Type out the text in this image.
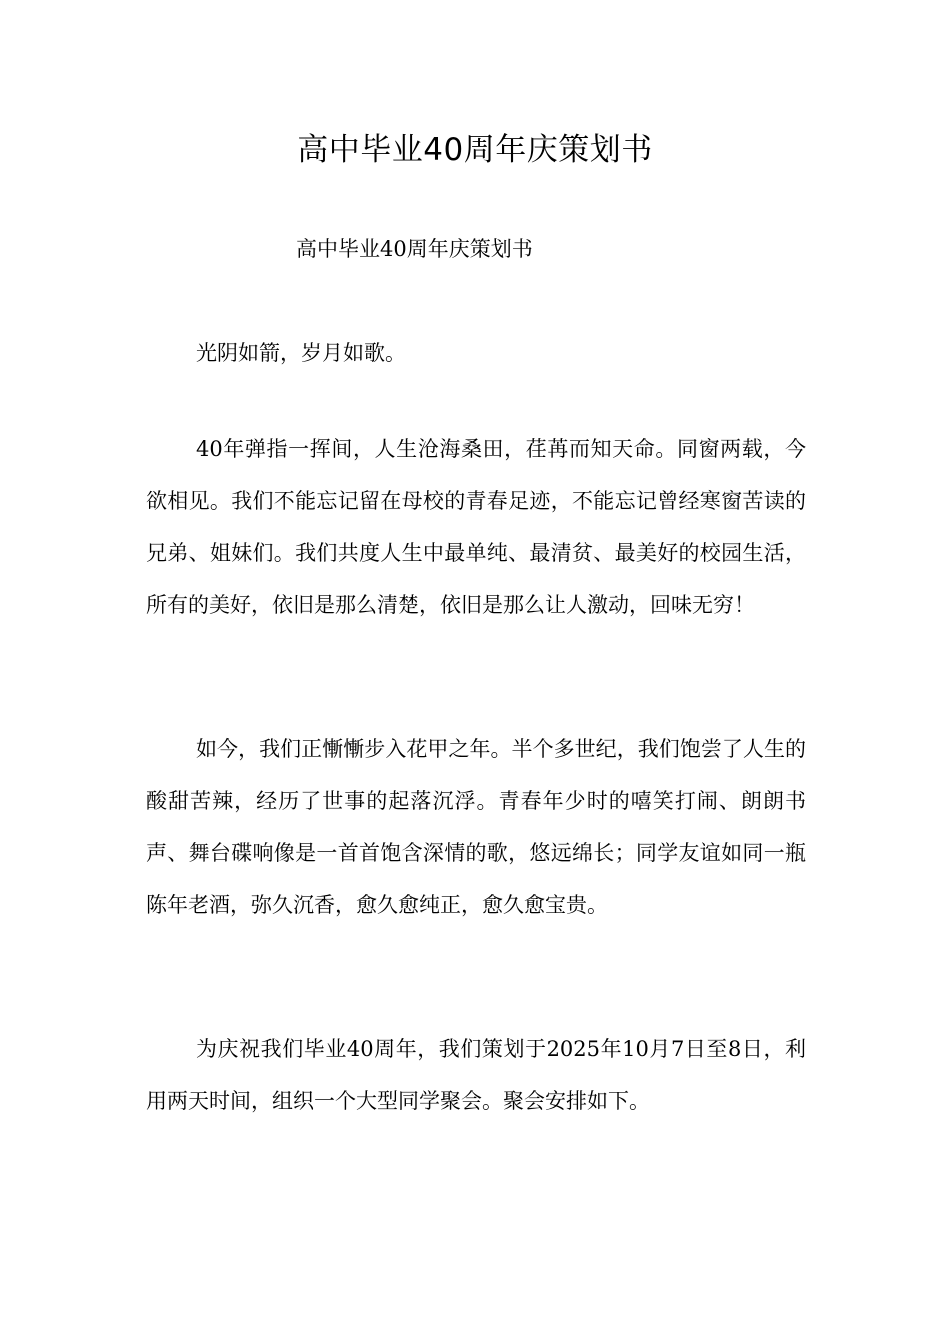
高中毕业40周年庆策划书
高中毕业40周年庆策划书

光阴如箭，岁月如歌。

40年弹指一挥间，人生沧海桑田，荏苒而知天命。同窗两载，今欲相见。我们不能忘记留在母校的青春足迹，不能忘记曾经寒窗苦读的兄弟、姐妹们。我们共度人生中最单纯、最清贫、最美好的校园生活，所有的美好，依旧是那么清楚，依旧是那么让人激动，回味无穷！

如今，我们正慚慚步入花甲之年。半个多世纪，我们饱尝了人生的酸甜苦辣，经历了世事的起落沉浮。青春年少时的嘻笑打闹、朗朗书声、舞台碟响像是一首首饱含深情的歌，悠远绵长；同学友谊如同一瓶陈年老酒，弥久沉香，愈久愈纯正，愈久愈宝贵。

为庆祝我们毕业40周年，我们策划于2025年10月7日至8日，利用两天时间，组织一个大型同学聚会。聚会安排如下。
